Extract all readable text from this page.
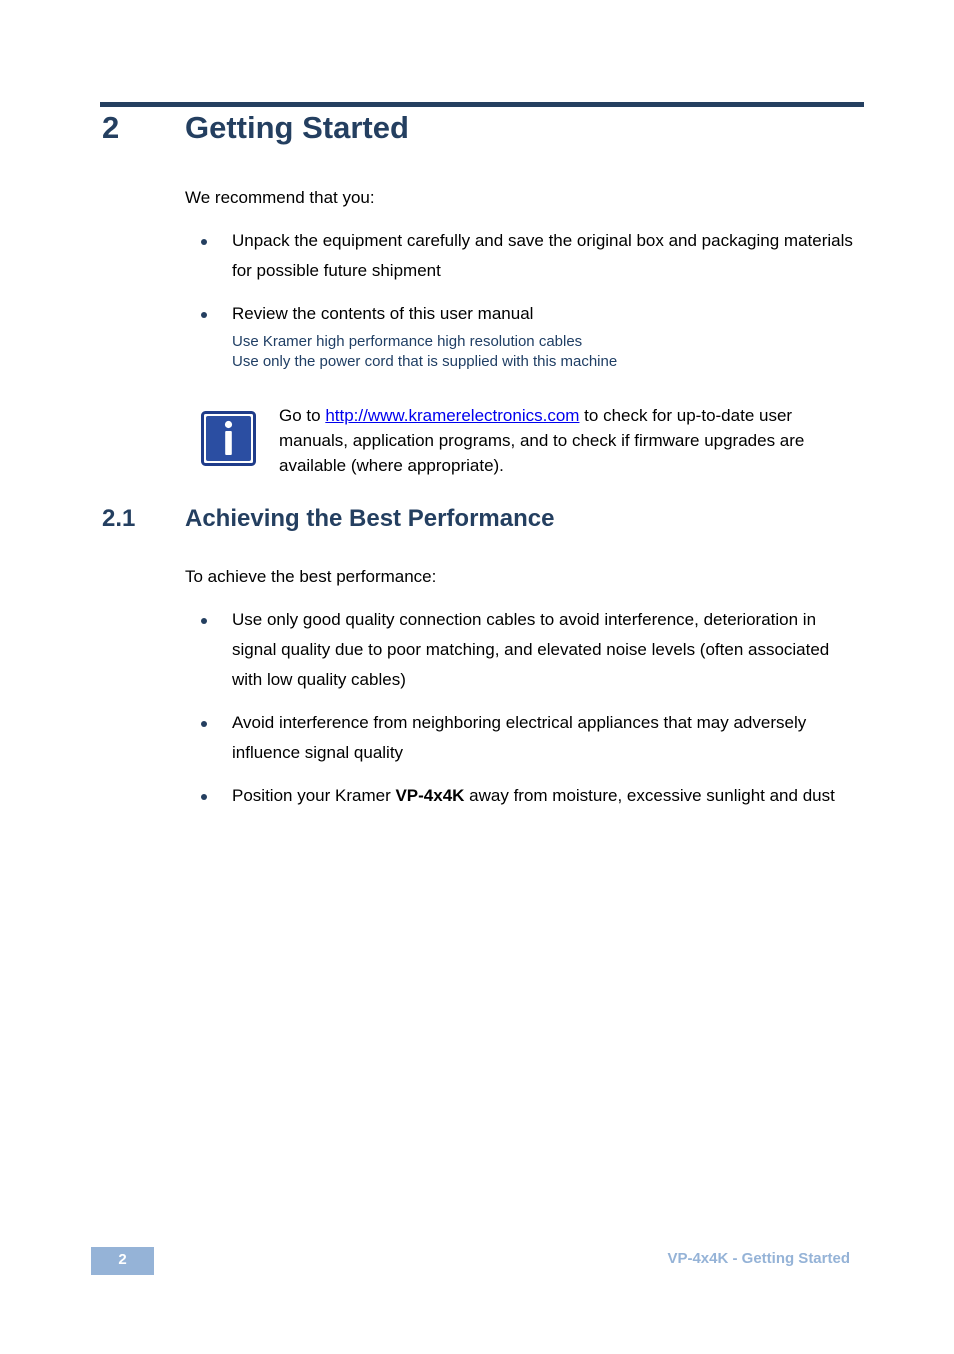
2 Getting Started
We recommend that you:
Unpack the equipment carefully and save the original box and packaging materials for possible future shipment
Review the contents of this user manual
Use Kramer high performance high resolution cables
Use only the power cord that is supplied with this machine
Go to http://www.kramerelectronics.com to check for up-to-date user manuals, application programs, and to check if firmware upgrades are available (where appropriate).
2.1 Achieving the Best Performance
To achieve the best performance:
Use only good quality connection cables to avoid interference, deterioration in signal quality due to poor matching, and elevated noise levels (often associated with low quality cables)
Avoid interference from neighboring electrical appliances that may adversely influence signal quality
Position your Kramer VP-4x4K away from moisture, excessive sunlight and dust
2	VP-4x4K - Getting Started
